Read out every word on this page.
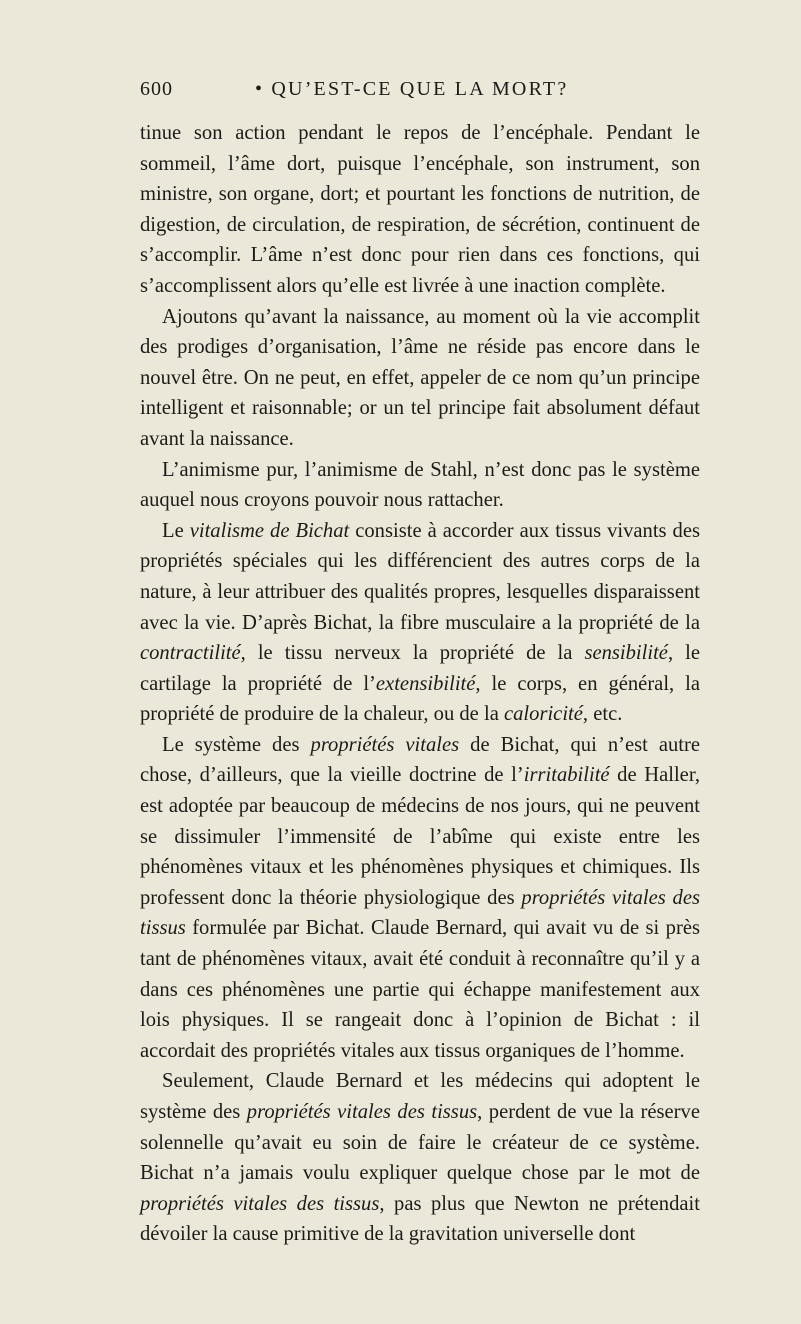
600	• QU’EST-CE QUE LA MORT?

tinue son action pendant le repos de l’encéphale. Pendant le sommeil, l’âme dort, puisque l’encéphale, son instrument, son ministre, son organe, dort; et pourtant les fonctions de nutrition, de digestion, de circulation, de respiration, de sécrétion, continuent de s’accomplir. L’âme n’est donc pour rien dans ces fonctions, qui s’accomplissent alors qu’elle est livrée à une inaction complète.

Ajoutons qu’avant la naissance, au moment où la vie accomplit des prodiges d’organisation, l’âme ne réside pas encore dans le nouvel être. On ne peut, en effet, appeler de ce nom qu’un principe intelligent et raisonnable; or un tel principe fait absolument défaut avant la naissance.

L’animisme pur, l’animisme de Stahl, n’est donc pas le système auquel nous croyons pouvoir nous rattacher.

Le vitalisme de Bichat consiste à accorder aux tissus vivants des propriétés spéciales qui les différencient des autres corps de la nature, à leur attribuer des qualités propres, lesquelles disparaissent avec la vie. D’après Bichat, la fibre musculaire a la propriété de la contractilité, le tissu nerveux la propriété de la sensibilité, le cartilage la propriété de l’extensibilité, le corps, en général, la propriété de produire de la chaleur, ou de la caloricité, etc.

Le système des propriétés vitales de Bichat, qui n’est autre chose, d’ailleurs, que la vieille doctrine de l’irritabilité de Haller, est adoptée par beaucoup de médecins de nos jours, qui ne peuvent se dissimuler l’immensité de l’abîme qui existe entre les phénomènes vitaux et les phénomènes physiques et chimiques. Ils professent donc la théorie physiologique des propriétés vitales des tissus formulée par Bichat. Claude Bernard, qui avait vu de si près tant de phénomènes vitaux, avait été conduit à reconnaître qu’il y a dans ces phénomènes une partie qui échappe manifestement aux lois physiques. Il se rangeait donc à l’opinion de Bichat : il accordait des propriétés vitales aux tissus organiques de l’homme.

Seulement, Claude Bernard et les médecins qui adoptent le système des propriétés vitales des tissus, perdent de vue la réserve solennelle qu’avait eu soin de faire le créateur de ce système. Bichat n’a jamais voulu expliquer quelque chose par le mot de propriétés vitales des tissus, pas plus que Newton ne prétendait dévoiler la cause primitive de la gravitation universelle dont
